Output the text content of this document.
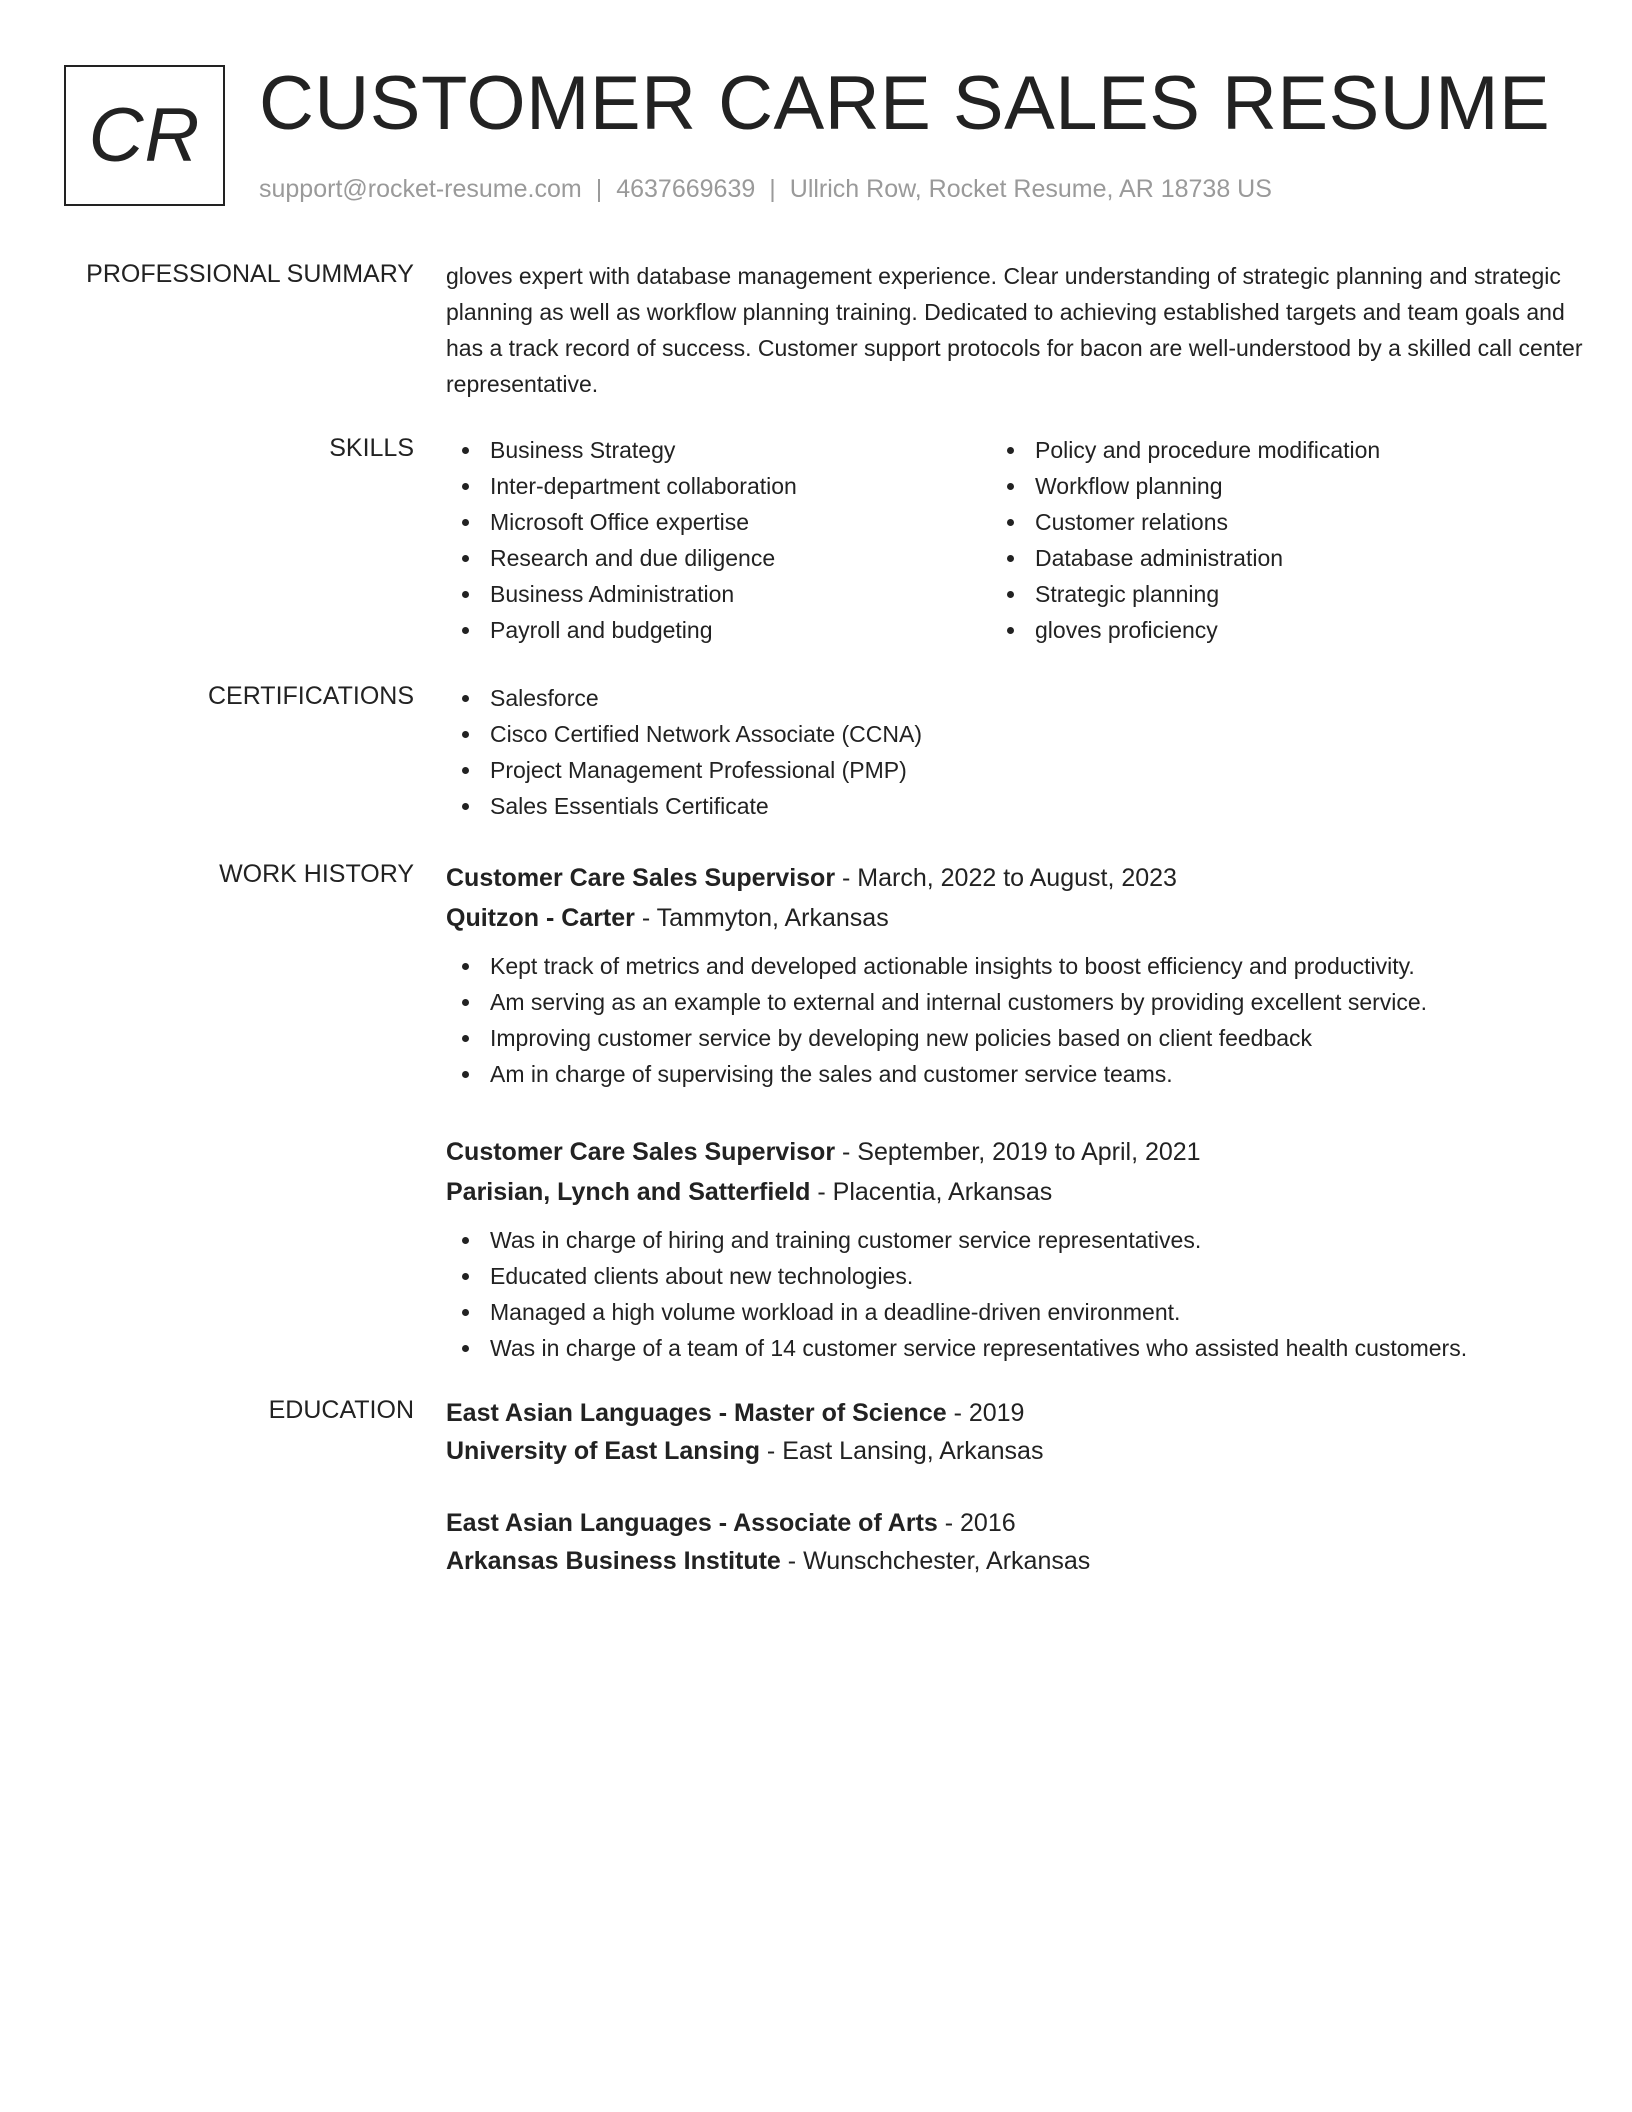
CR CUSTOMER CARE SALES RESUME
support@rocket-resume.com | 4637669639 | Ullrich Row, Rocket Resume, AR 18738 US
PROFESSIONAL SUMMARY gloves expert with database management experience. Clear understanding of strategic planning and strategic planning as well as workflow planning training. Dedicated to achieving established targets and team goals and has a track record of success. Customer support protocols for bacon are well-understood by a skilled call center representative.

SKILLS	Business Strategy
Inter-department collaboration
Microsoft Office expertise
Research and due diligence
Business Administration
Payroll and budgeting
Policy and procedure modification
Workflow planning
Customer relations
Database administration
Strategic planning
gloves proficiency
CERTIFICATIONS	Salesforce
Cisco Certified Network Associate (CCNA)
Project Management Professional (PMP)
Sales Essentials Certificate
WORK HISTORY Customer Care Sales Supervisor - March, 2022 to August, 2023
Quitzon - Carter - Tammyton, Arkansas
Kept track of metrics and developed actionable insights to boost efficiency and productivity.
Am serving as an example to external and internal customers by providing excellent service.
Improving customer service by developing new policies based on client feedback
Am in charge of supervising the sales and customer service teams.
Customer Care Sales Supervisor - September, 2019 to April, 2021
Parisian, Lynch and Satterfield - Placentia, Arkansas
Was in charge of hiring and training customer service representatives.
Educated clients about new technologies.
Managed a high volume workload in a deadline-driven environment.
Was in charge of a team of 14 customer service representatives who assisted health customers.
EDUCATION East Asian Languages - Master of Science - 2019
University of East Lansing - East Lansing, Arkansas
East Asian Languages - Associate of Arts - 2016
Arkansas Business Institute - Wunschchester, Arkansas
